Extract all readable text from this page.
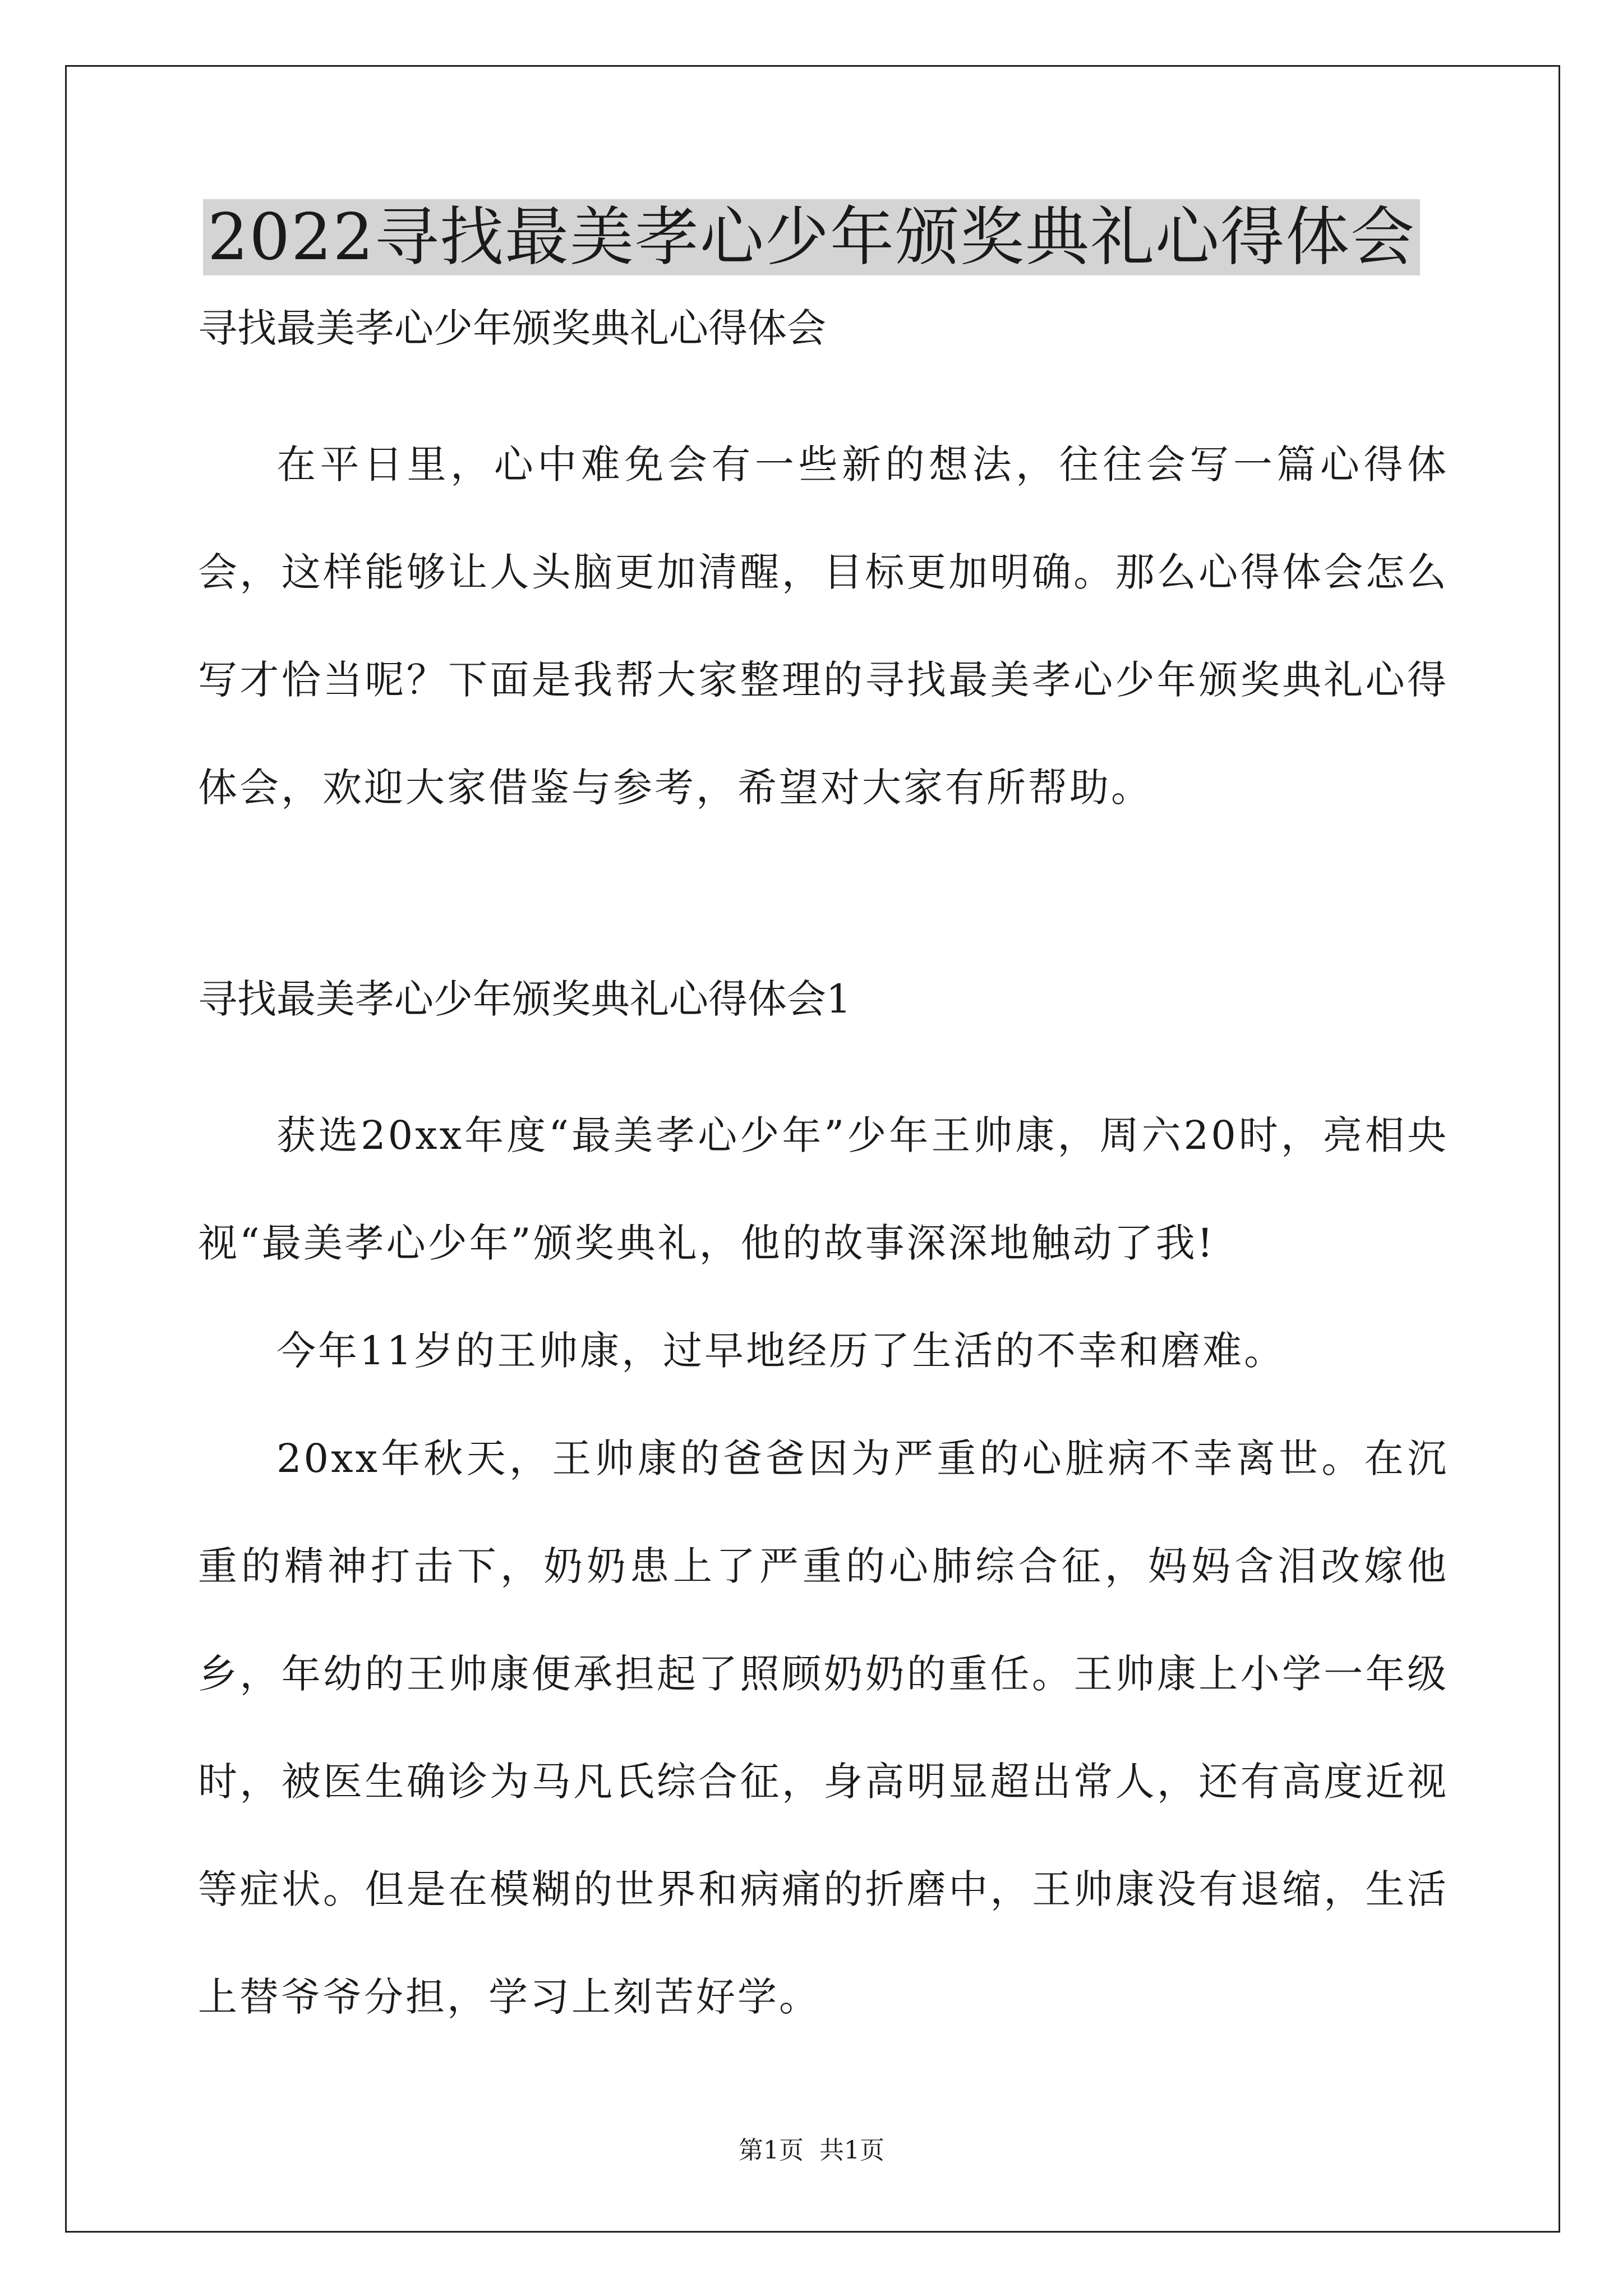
2022寻找最美孝心少年颁奖典礼心得体会

寻找最美孝心少年颁奖典礼心得体会

在平日里，心中难免会有一些新的想法，往往会写一篇心得体会，这样能够让人头脑更加清醒，目标更加明确。那么心得体会怎么写才恰当呢？下面是我帮大家整理的寻找最美孝心少年颁奖典礼心得体会，欢迎大家借鉴与参考，希望对大家有所帮助。

寻找最美孝心少年颁奖典礼心得体会1

获选20xx年度“最美孝心少年”少年王帅康，周六20时，亮相央视“最美孝心少年”颁奖典礼，他的故事深深地触动了我!

今年11岁的王帅康，过早地经历了生活的不幸和磨难。

20xx年秋天，王帅康的爸爸因为严重的心脏病不幸离世。在沉重的精神打击下，奶奶患上了严重的心肺综合征，妈妈含泪改嫁他乡，年幼的王帅康便承担起了照顾奶奶的重任。王帅康上小学一年级时，被医生确诊为马凡氏综合征，身高明显超出常人，还有高度近视等症状。但是在模糊的世界和病痛的折磨中，王帅康没有退缩，生活上替爷爷分担，学习上刻苦好学。

第1页 共1页
